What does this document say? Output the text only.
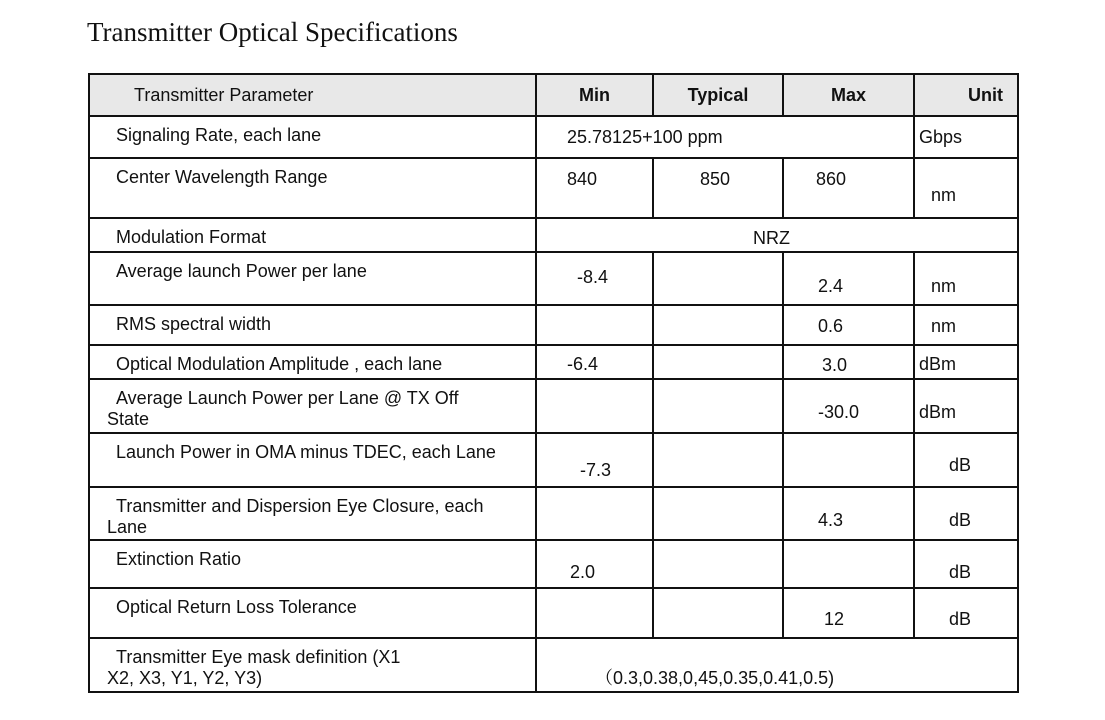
Transmitter Optical Specifications
Transmitter Parameter	Min	Typical	Max	Unit
Signaling Rate, each lane	25.78125+100 ppm			Gbps
Center Wavelength Range	840	850	860	nm
Modulation Format	NRZ			
Average launch Power per lane	-8.4		2.4	nm
RMS spectral width			0.6	nm
Optical Modulation Amplitude , each lane	-6.4		3.0	dBm
Average Launch Power per Lane @ TX Off
State			-30.0	dBm
Launch Power in OMA minus TDEC, each Lane	-7.3			dB
Transmitter and Dispersion Eye Closure, each
Lane			4.3	dB
Extinction Ratio	2.0			dB
Optical Return Loss Tolerance			12	dB
Transmitter Eye mask definition (X1
X2, X3, Y1, Y2, Y3)	（0.3,0.38,0,45,0.35,0.41,0.5)			
